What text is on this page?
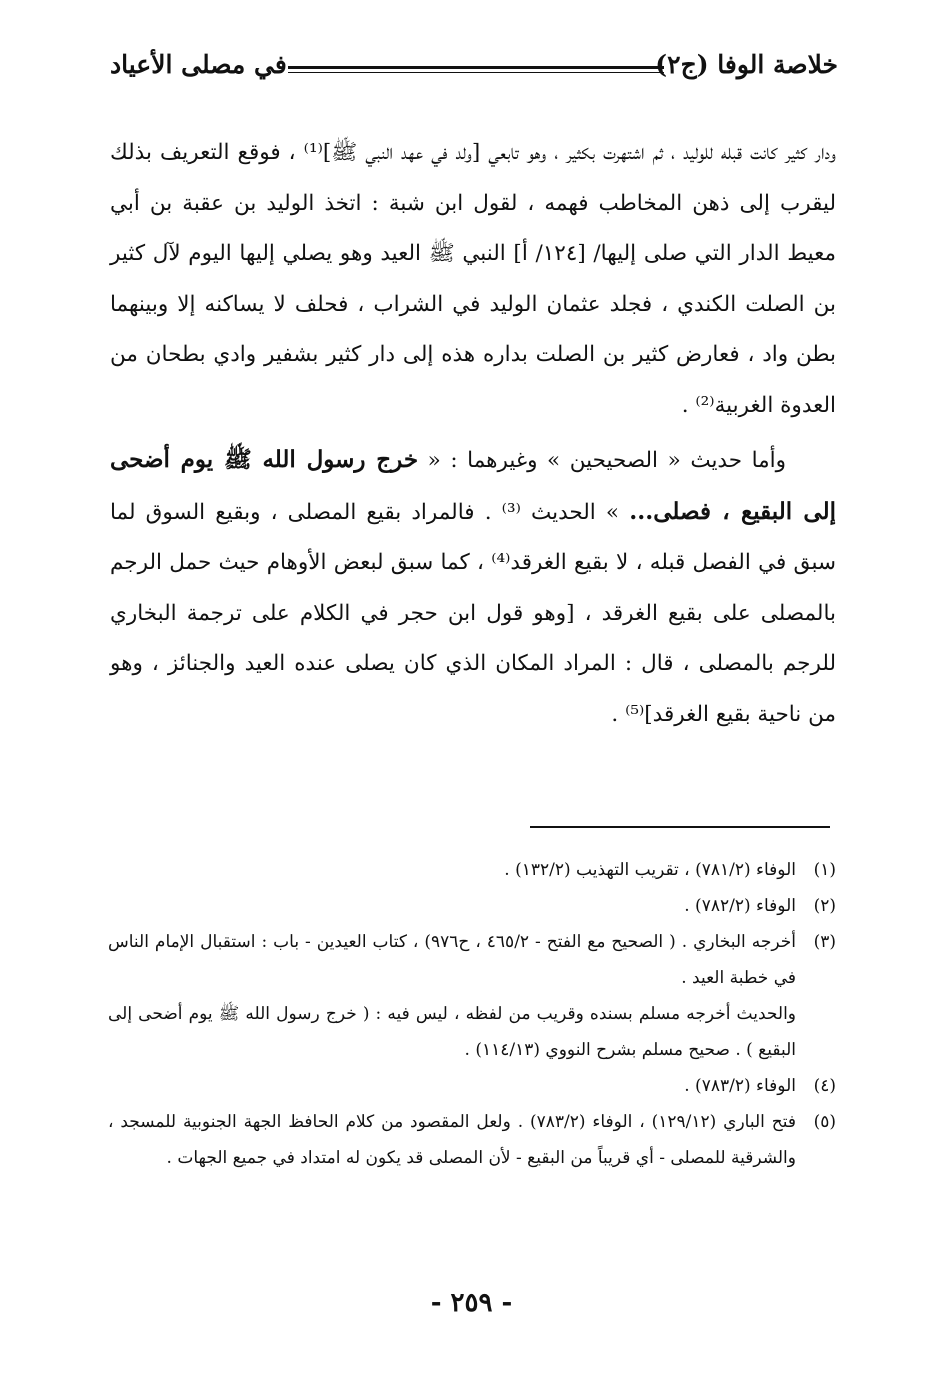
خلاصة الوفا (ج٢)
في مصلى الأعياد

ودار كثير كانت قبله للوليد ، ثم اشتهرت بكثير ، وهو تابعي [ولد في عهد النبي ﷺ]⁽¹⁾ ، فوقع التعريف بذلك ليقرب إلى ذهن المخاطب فهمه ، لقول ابن شبة : اتخذ الوليد بن عقبة بن أبي معيط الدار التي صلى إليها/ [١٢٤/ أ] النبي ﷺ العيد وهو يصلي إليها اليوم لآل كثير بن الصلت الكندي ، فجلد عثمان الوليد في الشراب ، فحلف لا يساكنه إلا وبينهما بطن واد ، فعارض كثير بن الصلت بداره هذه إلى دار كثير بشفير وادي بطحان من العدوة الغربية⁽²⁾ .

وأما حديث « الصحيحين » وغيرهما : « خرج رسول الله ﷺ يوم أضحى إلى البقيع ، فصلى... » الحديث ⁽³⁾ . فالمراد بقيع المصلى ، وبقيع السوق لما سبق في الفصل قبله ، لا بقيع الغرقد⁽⁴⁾ ، كما سبق لبعض الأوهام حيث حمل الرجم بالمصلى على بقيع الغرقد ، [وهو قول ابن حجر في الكلام على ترجمة البخاري للرجم بالمصلى ، قال : المراد المكان الذي كان يصلى عنده العيد والجنائز ، وهو من ناحية بقيع الغرقد]⁽⁵⁾ .

(١)
الوفاء (٧٨١/٢) ، تقريب التهذيب (١٣٢/٢) .
(٢)
الوفاء (٧٨٢/٢) .
(٣)
أخرجه البخاري . ( الصحيح مع الفتح - ٤٦٥/٢ ، ح٩٧٦) ، كتاب العيدين - باب : استقبال الإمام الناس في خطبة العيد .
والحديث أخرجه مسلم بسنده وقريب من لفظه ، ليس فيه : ( خرج رسول الله ﷺ يوم أضحى إلى البقيع ) . صحيح مسلم بشرح النووي (١١٤/١٣) .
(٤)
الوفاء (٧٨٣/٢) .
(٥)
فتح الباري (١٢٩/١٢) ، الوفاء (٧٨٣/٢) . ولعل المقصود من كلام الحافظ الجهة الجنوبية للمسجد ، والشرقية للمصلى - أي قريباً من البقيع - لأن المصلى قد يكون له امتداد في جميع الجهات .
- ٢٥٩ -
